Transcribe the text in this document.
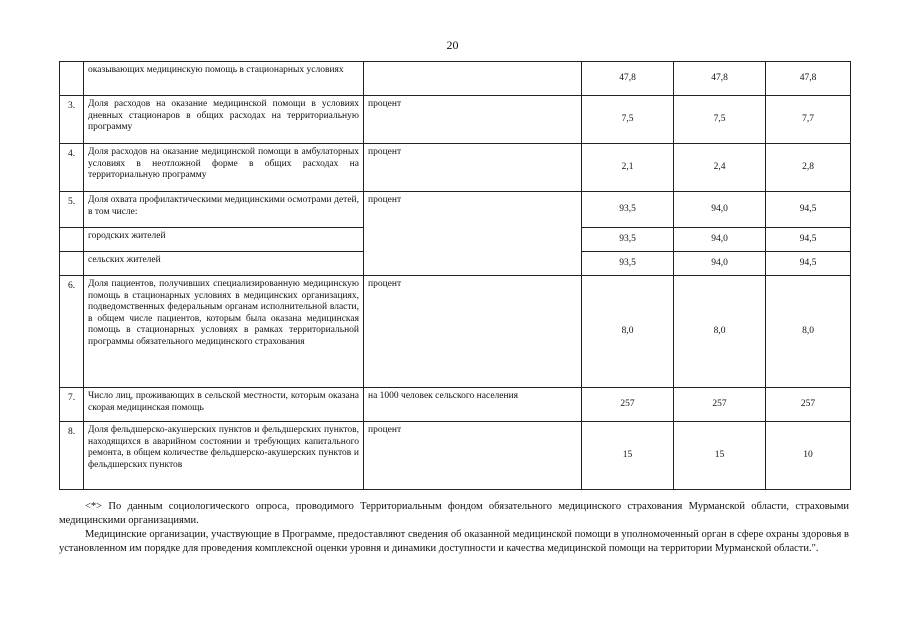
20
	оказывающих медицинскую помощь в стационарных условиях		47,8	47,8	47,8
3.	Доля расходов на оказание медицинской помощи в условиях дневных стационаров в общих расходах на территориальную программу	процент	7,5	7,5	7,7
4.	Доля расходов на оказание медицинской помощи в амбулаторных условиях в неотложной форме в общих расходах на территориальную программу	процент	2,1	2,4	2,8
5.	Доля охвата профилактическими медицинскими осмотрами детей, в том числе:	процент	93,5	94,0	94,5
	городских жителей		93,5	94,0	94,5
	сельских жителей		93,5	94,0	94,5
6.	Доля пациентов, получивших специализированную медицинскую помощь в стационарных условиях в медицинских организациях, подведомственных федеральным органам исполнительной власти, в общем числе пациентов, которым была оказана медицинская помощь в стационарных условиях в рамках территориальной программы обязательного медицинского страхования	процент	8,0	8,0	8,0
7.	Число лиц, проживающих в сельской местности, которым оказана скорая медицинская помощь	на 1000 человек сельского населения	257	257	257
8.	Доля фельдшерско-акушерских пунктов и фельдшерских пунктов, находящихся в аварийном состоянии и требующих капитального ремонта, в общем количестве фельдшерско-акушерских пунктов и фельдшерских пунктов	процент	15	15	10

<*> По данным социологического опроса, проводимого Территориальным фондом обязательного медицинского страхования Мурманской области, страховыми медицинскими организациями.

Медицинские организации, участвующие в Программе, предоставляют сведения об оказанной медицинской помощи в уполномоченный орган в сфере охраны здоровья в установленном им порядке для проведения комплексной оценки уровня и динамики доступности и качества медицинской помощи на территории Мурманской области.".
